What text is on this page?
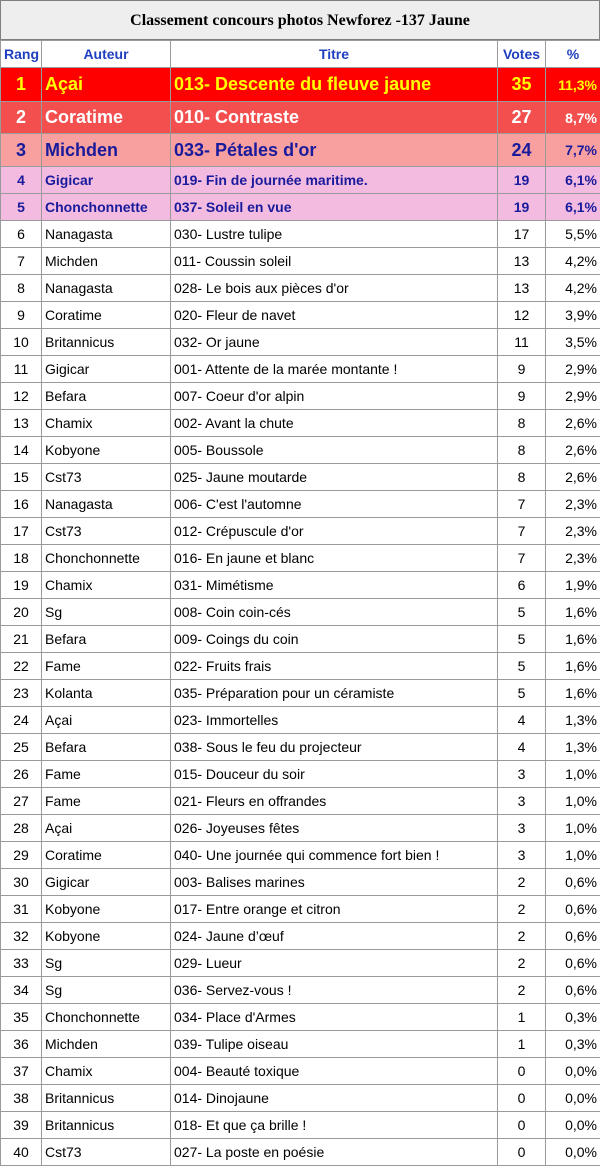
Classement concours photos Newforez -137 Jaune
Rang	Auteur	Titre	Votes	%
1	Açai	013- Descente du fleuve jaune	35	11,3%
2	Coratime	010- Contraste	27	8,7%
3	Michden	033- Pétales d'or	24	7,7%
4	Gigicar	019- Fin de journée maritime.	19	6,1%
5	Chonchonnette	037- Soleil en vue	19	6,1%
6	Nanagasta	030- Lustre tulipe	17	5,5%
7	Michden	011- Coussin soleil	13	4,2%
8	Nanagasta	028- Le bois aux pièces d'or	13	4,2%
9	Coratime	020- Fleur de navet	12	3,9%
10	Britannicus	032- Or jaune	11	3,5%
11	Gigicar	001- Attente de la marée montante !	9	2,9%
12	Befara	007- Coeur d'or alpin	9	2,9%
13	Chamix	002- Avant la chute	8	2,6%
14	Kobyone	005- Boussole	8	2,6%
15	Cst73	025- Jaune moutarde	8	2,6%
16	Nanagasta	006- C'est l'automne	7	2,3%
17	Cst73	012- Crépuscule d'or	7	2,3%
18	Chonchonnette	016- En jaune et blanc	7	2,3%
19	Chamix	031- Mimétisme	6	1,9%
20	Sg	008- Coin coin-cés	5	1,6%
21	Befara	009- Coings du coin	5	1,6%
22	Fame	022- Fruits frais	5	1,6%
23	Kolanta	035- Préparation pour un céramiste	5	1,6%
24	Açai	023- Immortelles	4	1,3%
25	Befara	038- Sous le feu du projecteur	4	1,3%
26	Fame	015- Douceur du soir	3	1,0%
27	Fame	021- Fleurs en offrandes	3	1,0%
28	Açai	026- Joyeuses fêtes	3	1,0%
29	Coratime	040- Une journée qui commence fort bien !	3	1,0%
30	Gigicar	003- Balises marines	2	0,6%
31	Kobyone	017- Entre orange et citron	2	0,6%
32	Kobyone	024- Jaune d’œuf	2	0,6%
33	Sg	029- Lueur	2	0,6%
34	Sg	036- Servez-vous !	2	0,6%
35	Chonchonnette	034- Place d'Armes	1	0,3%
36	Michden	039- Tulipe oiseau	1	0,3%
37	Chamix	004- Beauté toxique	0	0,0%
38	Britannicus	014- Dinojaune	0	0,0%
39	Britannicus	018- Et que ça brille !	0	0,0%
40	Cst73	027- La poste en poésie	0	0,0%
